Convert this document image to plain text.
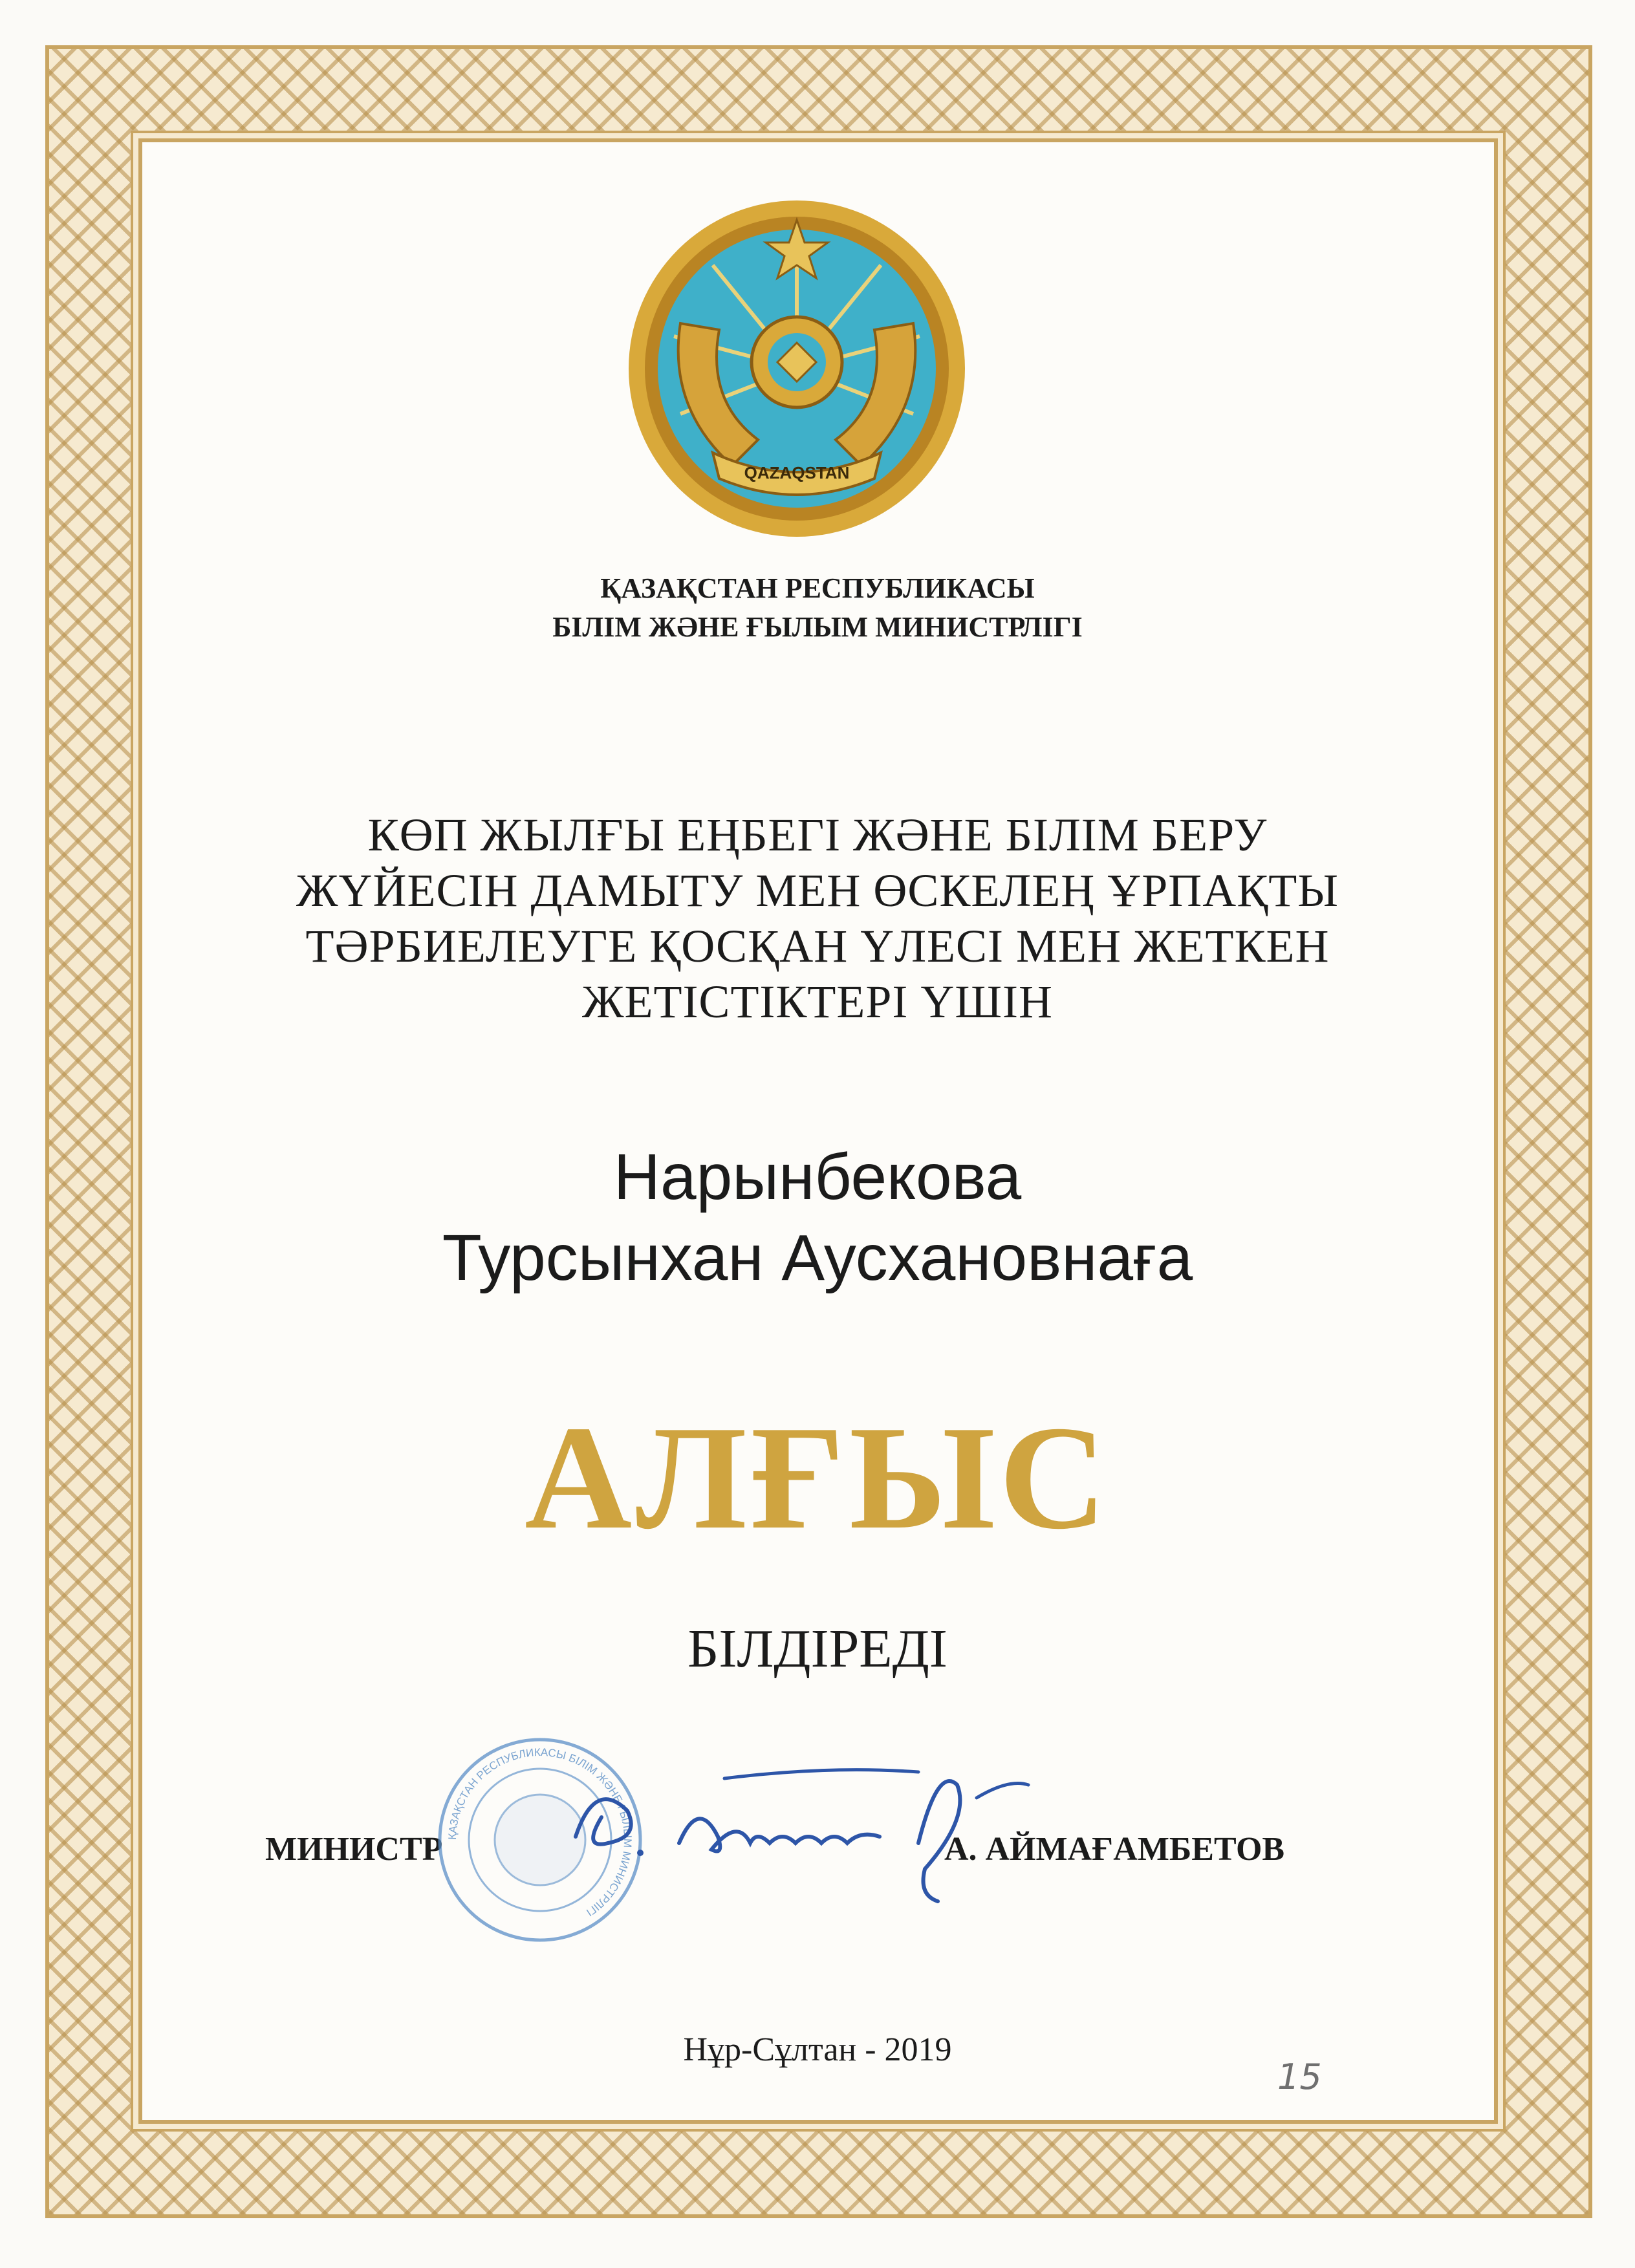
QAZAQSTAN
ҚАЗАҚСТАН РЕСПУБЛИКАСЫ
БІЛІМ ЖӘНЕ ҒЫЛЫМ МИНИСТРЛІГІ
КӨП ЖЫЛҒЫ ЕҢБЕГІ ЖӘНЕ БІЛІМ БЕРУ
ЖҮЙЕСІН ДАМЫТУ МЕН ӨСКЕЛЕҢ ҰРПАҚТЫ
ТӘРБИЕЛЕУГЕ ҚОСҚАН ҮЛЕСІ МЕН ЖЕТКЕН
ЖЕТІСТІКТЕРІ ҮШІН
Нарынбекова
Турсынхан Аусхановнаға
АЛҒЫС
БІЛДІРЕДІ
МИНИСТР ҚАЗАҚСТАН РЕСПУБЛИКАСЫ БІЛІМ ЖӘНЕ ҒЫЛЫМ МИНИСТРЛІГІ
А. АЙМАҒАМБЕТОВ
Нұр-Сұлтан - 2019
15
